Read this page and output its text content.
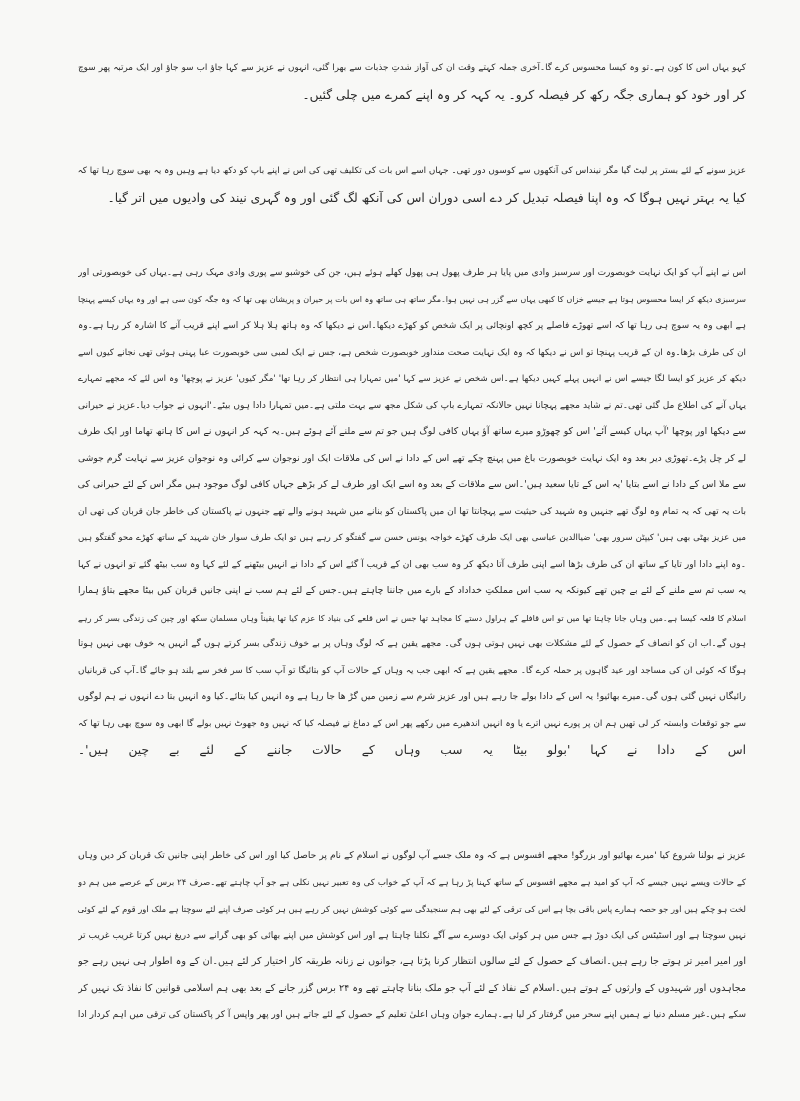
کہو یہاں اس کا کون ہے۔تو وہ کیسا محسوس کرے گا۔آخری جملہ کہتے وقت ان کی آواز شدتِ جذبات سے بھرا گئی، انہوں نے عزیز سے کہا جاؤ اب سو جاؤ اور ایک مرتبہ پھر سوچ
کر اور خود کو ہماری جگہ رکھ کر فیصلہ کرو۔ یہ کہہ کر وہ اپنے کمرے میں چلی گئیں۔
عزیز سونے کے لئے بستر پر لیٹ گیا مگر نینداس کی آنکھوں سے کوسوں دور تھی۔ جہاں اسے اس بات کی تکلیف تھی کی اس نے اپنے باپ کو دکھ دیا ہے وہیں وہ یہ بھی سوچ رہا تھا کہ
کیا یہ بہتر نہیں ہوگا کہ وہ اپنا فیصلہ تبدیل کر دے اسی دوران اس کی آنکھ لگ گئی اور وہ گہری نیند کی وادیوں میں اتر گیا۔
اس نے اپنے آپ کو ایک نہایت خوبصورت اور سرسبز وادی میں پایا ہر طرف پھول ہی پھول کھلے ہوئے ہیں، جن کی خوشبو سے پوری وادی مہک رہی ہے۔یہاں کی خوبصورتی اور
سرسبزی دیکھ کر ایسا محسوس ہوتا ہے جیسے خزاں کا کبھی یہاں سے گزر ہی نہیں ہوا۔مگر ساتھ ہی ساتھ وہ اس بات پر حیران و پریشان بھی تھا کہ وہ جگہ کون سی ہے اور وہ یہاں کیسے پہنچا
ہے ابھی وہ یہ سوچ ہی رہا تھا کہ اسے تھوڑے فاصلے پر کچھ اونچائی پر ایک شخص کو کھڑے دیکھا۔اس نے دیکھا کہ وہ ہاتھ ہلا ہلا کر اسے اپنے قریب آنے کا اشارہ کر رہا ہے۔وہ
ان کی طرف بڑھا۔وہ ان کے قریب پہنچا تو اس نے دیکھا کہ وہ ایک نہایت صحت منداور خوبصورت شخص ہے، جس نے ایک لمبی سی خوبصورت عبا پہنی ہوئی تھی نجانے کیوں اسے
دیکھ کر عزیز کو ایسا لگا جیسے اس نے انہیں پہلے کہیں دیکھا ہے۔اس شخص نے عزیز سے کہا 'میں تمہارا ہی انتظار کر رہا تھا' 'مگر کیوں' عزیز نے پوچھا' وہ اس لئے کہ مجھے تمہارے
یہاں آنے کی اطلاع مل گئی تھی۔تم نے شاید مجھے پہچانا نہیں حالانکہ تمہارے باپ کی شکل مجھ سے بہت ملتی ہے۔میں تمہارا دادا ہوں بیٹے۔'انہوں نے جواب دیا۔عزیز نے حیرانی
سے دیکھا اور پوچھا 'آپ یہاں کیسے آئے' اس کو چھوڑو میرے ساتھ آؤ یہاں کافی لوگ ہیں جو تم سے ملنے آئے ہوئے ہیں۔یہ کہہ کر انہوں نے اس کا ہاتھ تھاما اور ایک طرف
لے کر چل پڑے۔تھوڑی دیر بعد وہ ایک نہایت خوبصورت باغ میں پہنچ چکے تھے اس کے دادا نے اس کی ملاقات ایک اور نوجوان سے کرائی وہ نوجوان عزیز سے نہایت گرم جوشی
سے ملا اس کے دادا نے اسے بتایا 'یہ اس کے تایا سعید ہیں'۔اس سے ملاقات کے بعد وہ اسے ایک اور طرف لے کر بڑھے جہاں کافی لوگ موجود ہیں مگر اس کے لئے حیرانی کی
بات یہ تھی کہ یہ تمام وہ لوگ تھے جنہیں وہ شہید کی حیثیت سے پہچانتا تھا ان میں پاکستان کو بنانے میں شہید ہونے والے تھے جنہوں نے پاکستان کی خاطر جان قربان کی تھی ان
میں عزیز بھٹی بھی ہیں' کیپٹن سرور بھی' ضیاالدین عباسی بھی ایک طرف کھڑے خواجہ یونس حسن سے گفتگو کر رہے ہیں تو ایک طرف سوار خان شہید کے ساتھ کھڑے محو گفتگو ہیں
۔وہ اپنے دادا اور تایا کے ساتھ ان کی طرف بڑھا اسے اپنی طرف آتا دیکھ کر وہ سب بھی ان کے قریب آ گئے اس کے دادا نے انہیں بیٹھنے کے لئے کہا وہ سب بیٹھ گئے تو انہوں نے کہا
یہ سب تم سے ملنے کے لئے بے چین تھے کیونکہ یہ سب اس مملکتِ خداداد کے بارے میں جاننا چاہتے ہیں۔جس کے لئے ہم سب نے اپنی جانیں قربان کیں بیٹا مجھے بتاؤ ہمارا
اسلام کا قلعہ کیسا ہے۔میں وہاں جانا چاہتا تھا میں تو اس قافلے کے ہراول دستے کا مجاہد تھا جس نے اس قلعے کی بنیاد کا عزم کیا تھا یقیناً وہاں مسلمان سکھ اور چین کی زندگی بسر کر رہے
ہوں گے۔اب ان کو انصاف کے حصول کے لئے مشکلات بھی نہیں ہوتی ہوں گی۔ مجھے یقین ہے کہ لوگ وہاں پر بے خوف زندگی بسر کرتے ہوں گے انہیں یہ خوف بھی نہیں ہوتا
ہوگا کہ کوئی ان کی مساجد اور عید گاہوں پر حملہ کرے گا۔ مجھے یقین ہے کہ ابھی جب یہ وہاں کے حالات آپ کو بتائیگا تو آپ سب کا سر فخر سے بلند ہو جائے گا۔آپ کی قربانیاں
رائیگاں نہیں گئی ہوں گی۔میرے بھائیو! یہ اس کے دادا بولے جا رہے ہیں اور عزیز شرم سے زمین میں گڑ ھا جا رہا ہے وہ انہیں کیا بتائے۔کیا وہ انہیں بتا دے انہوں نے ہم لوگوں
سے جو توقعات وابستہ کر لی تھیں ہم ان پر پورے نہیں اترے یا وہ انہیں اندھیرے میں رکھے پھر اس کے دماغ نے فیصلہ کیا کہ نہیں وہ جھوٹ نہیں بولے گا ابھی وہ سوچ بھی رہا تھا کہ
اس کے دادا نے کہا 'بولو بیٹا یہ سب وہاں کے حالات جاننے کے لئے بے چین ہیں'۔
عزیز نے بولنا شروع کیا 'میرے بھائیو اور بزرگو! مجھے افسوس ہے کہ وہ ملک جسے آپ لوگوں نے اسلام کے نام پر حاصل کیا اور اس کی خاطر اپنی جانیں تک قربان کر دیں وہاں
کے حالات ویسے نہیں جیسے کہ آپ کو امید ہے مجھے افسوس کے ساتھ کہنا پڑ رہا ہے کہ آپ کے خواب کی وہ تعبیر نہیں نکلی ہے جو آپ چاہتے تھے۔صرف ۲۴ برس کے عرصے میں ہم دو
لخت ہو چکے ہیں اور جو حصہ ہمارے پاس باقی بچا ہے اس کی ترقی کے لئے بھی ہم سنجیدگی سے کوئی کوشش نہیں کر رہے ہیں ہر کوئی صرف اپنے لئے سوچتا ہے ملک اور قوم کے لئے کوئی
نہیں سوچتا ہے اور اسٹیٹس کی ایک دوڑ ہے جس میں ہر کوئی ایک دوسرے سے آگے نکلنا چاہتا ہے اور اس کوشش میں اپنے بھائی کو بھی گرانے سے دریغ نہیں کرتا غریب غریب تر
اور امیر امیر تر ہوتے جا رہے ہیں۔انصاف کے حصول کے لئے سالوں انتظار کرنا پڑتا ہے، جوانوں نے زنانہ طریقہ کار اختیار کر لئے ہیں۔ان کے وہ اطوار ہی نہیں رہے جو
مجاہدوں اور شہیدوں کے وارثوں کے ہوتے ہیں۔اسلام کے نفاذ کے لئے آپ جو ملک بنانا چاہتے تھے وہ ۲۴ برس گزر جانے کے بعد بھی ہم اسلامی قوانین کا نفاذ تک نہیں کر
سکے ہیں۔غیر مسلم دنیا نے ہمیں اپنے سحر میں گرفتار کر لیا ہے۔ہمارے جوان وہاں اعلیٰ تعلیم کے حصول کے لئے جاتے ہیں اور پھر واپس آ کر پاکستان کی ترقی میں اہم کردار ادا
